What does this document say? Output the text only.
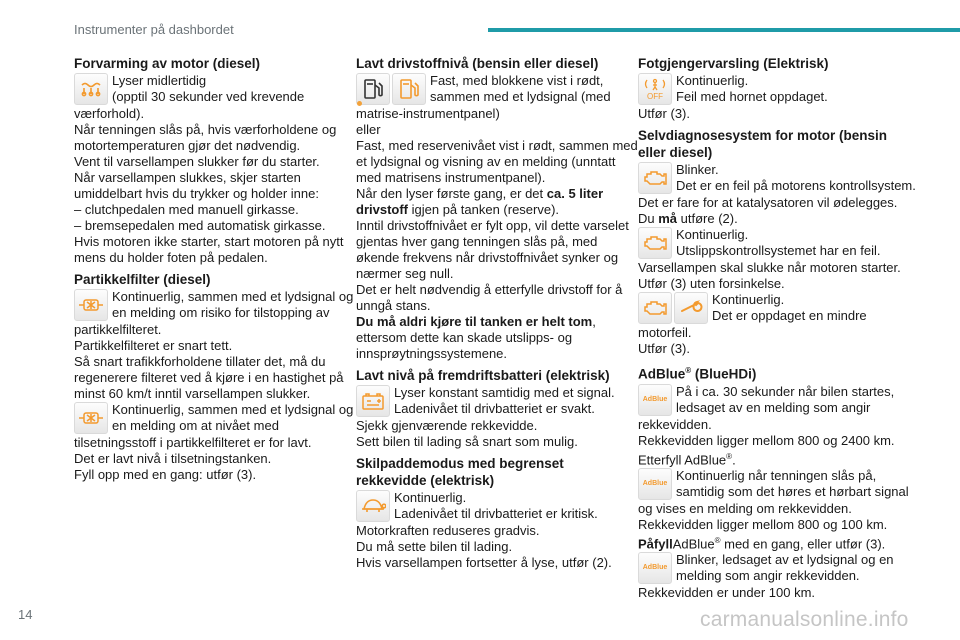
Instrumenter på dashbordet
Forvarming av motor (diesel)
Lyser midlertidig
(opptil 30 sekunder ved krevende
værforhold).
Når tenningen slås på, hvis værforholdene og
motortemperaturen gjør det nødvendig.
Vent til varsellampen slukker før du starter.
Når varsellampen slukkes, skjer starten
umiddelbart hvis du trykker og holder inne:
– clutchpedalen med manuell girkasse.
– bremsepedalen med automatisk girkasse.
Hvis motoren ikke starter, start motoren på nytt
mens du holder foten på pedalen.
Partikkelfilter (diesel)
Kontinuerlig, sammen med et lydsignal og
en melding om risiko for tilstopping av
partikkelfilteret.
Partikkelfilteret er snart tett.
Så snart trafikkforholdene tillater det, må du
regenerere filteret ved å kjøre i en hastighet på
minst 60 km/t inntil varsellampen slukker.
Kontinuerlig, sammen med et lydsignal og
en melding om at nivået med
tilsetningsstoff i partikkelfilteret er for lavt.
Det er lavt nivå i tilsetningstanken.
Fyll opp med en gang: utfør (3).
Lavt drivstoffnivå (bensin eller diesel)
Fast, med blokkene vist i rødt,
sammen med et lydsignal (med
matrise-instrumentpanel)
eller
Fast, med reservenivået vist i rødt, sammen med
et lydsignal og visning av en melding (unntatt
med matrisens instrumentpanel).
Når den lyser første gang, er det ca. 5 liter
drivstoff igjen på tanken (reserve).
Inntil drivstoffnivået er fylt opp, vil dette varselet
gjentas hver gang tenningen slås på, med
økende frekvens når drivstoffnivået synker og
nærmer seg null.
Det er helt nødvendig å etterfylle drivstoff for å
unngå stans.
Du må aldri kjøre til tanken er helt tom,
ettersom dette kan skade utslipps- og
innsprøytningssystemene.
Lavt nivå på fremdriftsbatteri (elektrisk)
Lyser konstant samtidig med et signal.
Ladenivået til drivbatteriet er svakt.
Sjekk gjenværende rekkevidde.
Sett bilen til lading så snart som mulig.
Skilpaddemodus med begrenset
rekkevidde (elektrisk)
Kontinuerlig.
Ladenivået til drivbatteriet er kritisk.
Motorkraften reduseres gradvis.
Du må sette bilen til lading.
Hvis varsellampen fortsetter å lyse, utfør (2).
Fotgjengervarsling (Elektrisk)
OFF
Kontinuerlig.
Feil med hornet oppdaget.
Utfør (3).
Selvdiagnosesystem for motor (bensin
eller diesel)
Blinker.
Det er en feil på motorens kontrollsystem.
Det er fare for at katalysatoren vil ødelegges.
Du må utføre (2).
Kontinuerlig.
Utslippskontrollsystemet har en feil.
Varsellampen skal slukke når motoren starter.
Utfør (3) uten forsinkelse.
Kontinuerlig.
Det er oppdaget en mindre
motorfeil.
Utfør (3).
AdBlue® (BlueHDi)
AdBlue
På i ca. 30 sekunder når bilen startes,
ledsaget av en melding som angir
rekkevidden.
Rekkevidden ligger mellom 800 og 2400 km.
Etterfyll AdBlue®.
AdBlue
Kontinuerlig når tenningen slås på,
samtidig som det høres et hørbart signal
og vises en melding om rekkevidden.
Rekkevidden ligger mellom 800 og 100 km.
PåfyllAdBlue® med en gang, eller utfør (3).
AdBlue
Blinker, ledsaget av et lydsignal og en
melding som angir rekkevidden.
Rekkevidden er under 100 km.
14	carmanualsonline.info
